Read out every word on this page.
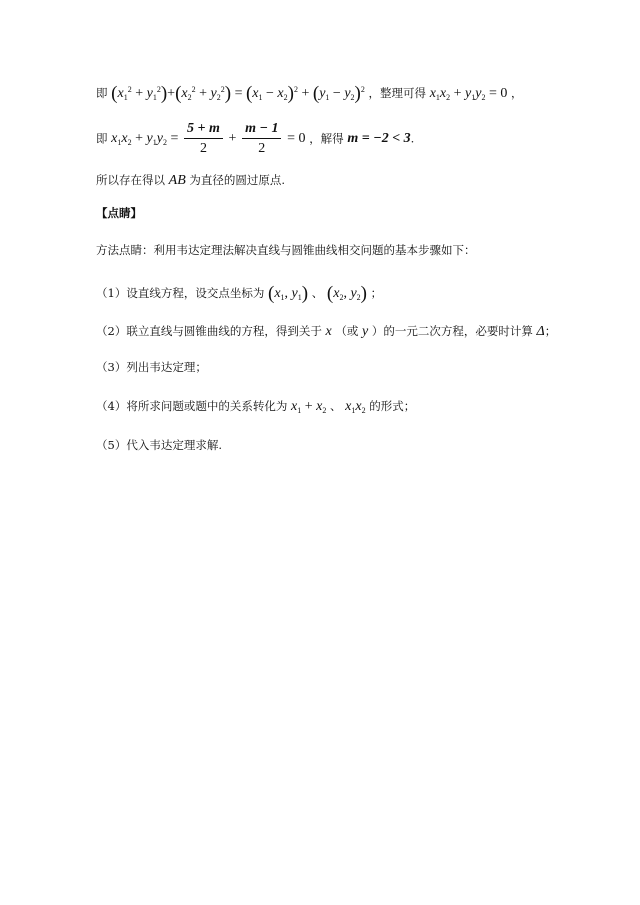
即 $(x_1^2 + y_1^2)+(x_2^2 + y_2^2) = (x_1 - x_2)^2 + (y_1 - y_2)^2$ ，整理可得 $x_1x_2 + y_1y_2 = 0$ ，
即 $x_1x_2 + y_1y_2 = \frac{5 + m}{2} + \frac{m - 1}{2} = 0$ ，解得 m = −2 < 3.
所以存在得以 AB 为直径的圆过原点.
【点睛】
方法点睛：利用韦达定理法解决直线与圆锥曲线相交问题的基本步骤如下：
（1）设直线方程，设交点坐标为 ($x_1$, $y_1$) 、 ($x_2$, $y_2$) ；
（2）联立直线与圆锥曲线的方程，得到关于 x （或 y ）的一元二次方程，必要时计算 Δ；
（3）列出韦达定理；
（4）将所求问题或题中的关系转化为 $x_1 + x_2$ 、 $x_1x_2$ 的形式；
（5）代入韦达定理求解.
